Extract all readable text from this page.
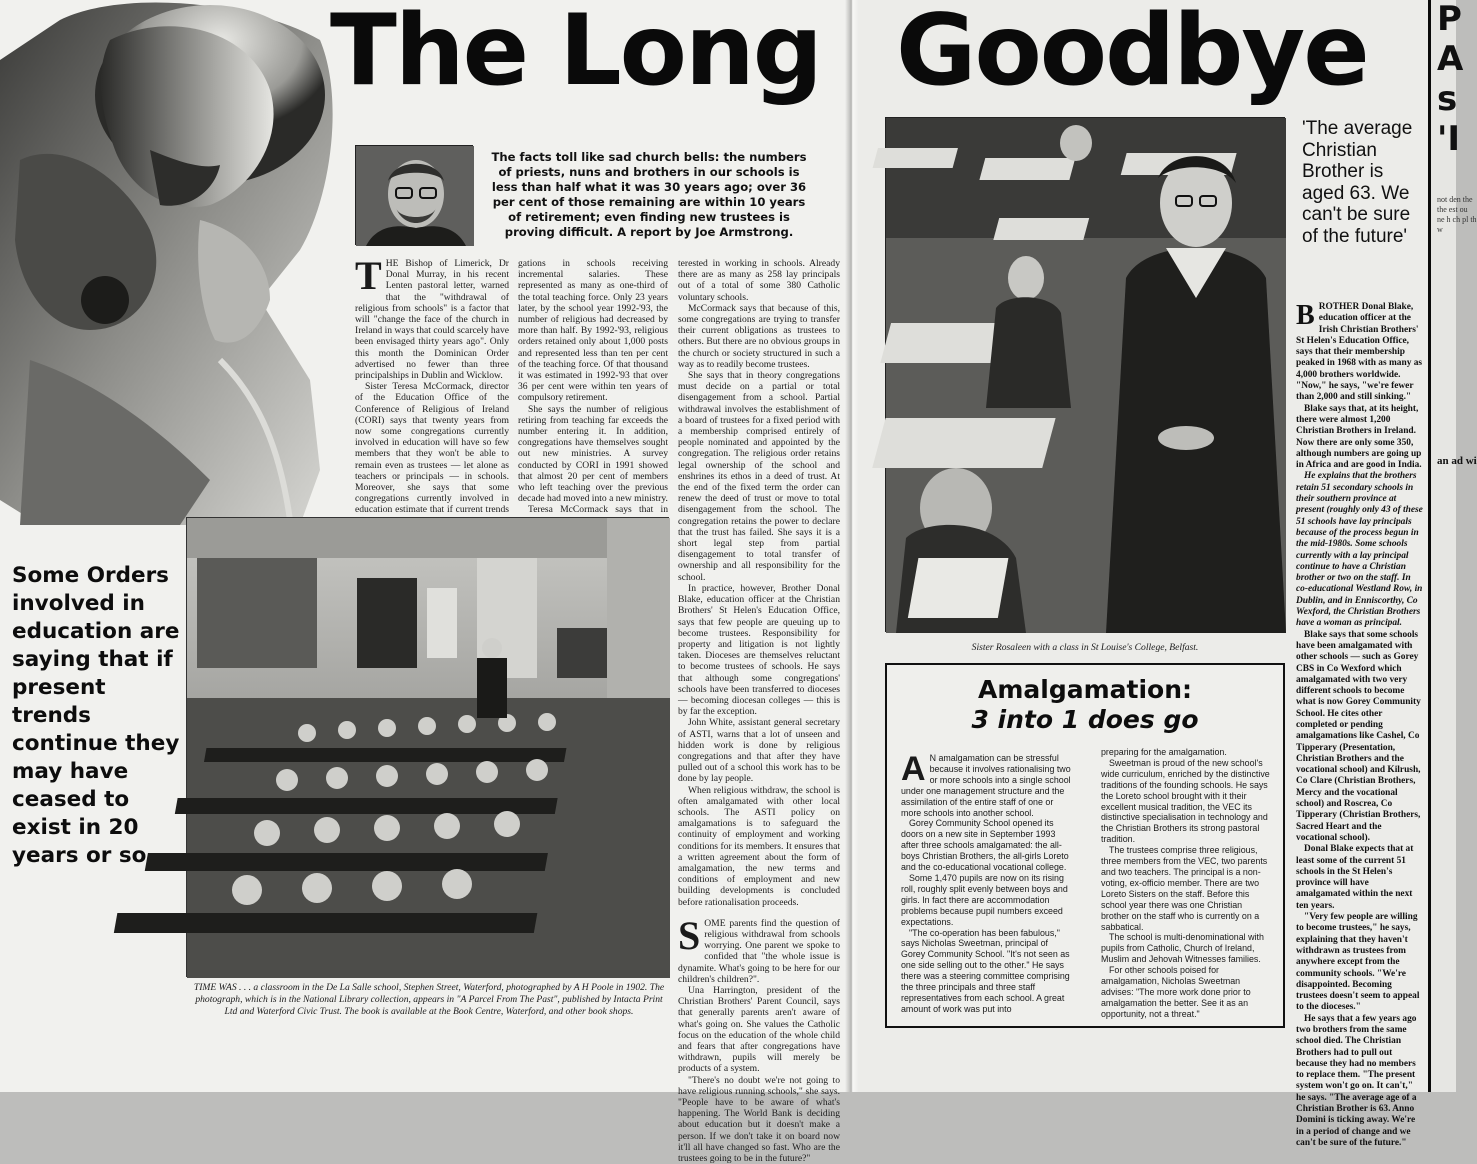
The facts toll like sad church bells: the numbers of priests, nuns and brothers in our schools is less than half what it was 30 years ago; over 36 per cent of those remaining are within 10 years of retirement; even finding new trustees is proving difficult. A report by Joe Armstrong.

THE Bishop of Limerick, Dr Donal Murray, in his recent Lenten pastoral letter, warned that the "withdrawal of religious from schools" is a factor that will "change the face of the church in Ireland in ways that could scarcely have been envisaged thirty years ago". Only this month the Dominican Order advertised no fewer than three principalships in Dublin and Wicklow.

Sister Teresa McCormack, director of the Education Office of the Conference of Religious of Ireland (CORI) says that twenty years from now some congregations currently involved in education will have so few members that they won't be able to remain even as trustees — let alone as teachers or principals — in schools. Moreover, she says that some congregations currently involved in education estimate that if current trends

gations in schools receiving incremental salaries. These represented as many as one-third of the total teaching force. Only 23 years later, by the school year 1992-'93, the number of religious had decreased by more than half. By 1992-'93, religious orders retained only about 1,000 posts and represented less than ten per cent of the teaching force. Of that thousand it was estimated in 1992-'93 that over 36 per cent were within ten years of compulsory retirement.

She says the number of religious retiring from teaching far exceeds the number entering it. In addition, congregations have themselves sought out new ministries. A survey conducted by CORI in 1991 showed that almost 20 per cent of members who left teaching over the previous decade had moved into a new ministry.

Teresa McCormack says that in

terested in working in schools. Already there are as many as 258 lay principals out of a total of some 380 Catholic voluntary schools.

McCormack says that because of this, some congregations are trying to transfer their current obligations as trustees to others. But there are no obvious groups in the church or society structured in such a way as to readily become trustees.

She says that in theory congregations must decide on a partial or total disengagement from a school. Partial withdrawal involves the establishment of a board of trustees for a fixed period with a membership comprised entirely of people nominated and appointed by the congregation. The religious order retains legal ownership of the school and enshrines its ethos in a deed of trust. At the end of the fixed term the order can renew the deed of trust or move to total disengagement from the school. The congregation retains the power to declare that the trust has failed. She says it is a short legal step from partial disengagement to total transfer of ownership and all responsibility for the school.

In practice, however, Brother Donal Blake, education officer at the Christian Brothers' St Helen's Education Office, says that few people are queuing up to become trustees. Responsibility for property and litigation is not lightly taken. Dioceses are themselves reluctant to become trustees of schools. He says that although some congregations' schools have been transferred to dioceses — becoming diocesan colleges — this is by far the exception.

John White, assistant general secretary of ASTI, warns that a lot of unseen and hidden work is done by religious congregations and that after they have pulled out of a school this work has to be done by lay people.

When religious withdraw, the school is often amalgamated with other local schools. The ASTI policy on amalgamations is to safeguard the continuity of employment and working conditions for its members. It ensures that a written agreement about the form of amalgamation, the new terms and conditions of employment and new building developments is concluded before rationalisation proceeds.

SOME parents find the question of religious withdrawal from schools worrying. One parent we spoke to confided that "the whole issue is dynamite. What's going to be here for our children's children?".

Una Harrington, president of the Christian Brothers' Parent Council, says that generally parents aren't aware of what's going on. She values the Catholic focus on the education of the whole child and fears that after congregations have withdrawn, pupils will merely be products of a system.

"There's no doubt we're not going to have religious running schools," she says. "People have to be aware of what's happening. The World Bank is deciding about education but it doesn't make a person. If we don't take it on board now it'll all have changed so fast. Who are the trustees going to be in the future?"

Some Orders involved in education are saying that if present trends continue they may have ceased to exist in 20 years or so
TIME WAS . . . a classroom in the De La Salle school, Stephen Street, Waterford, photographed by A H Poole in 1902. The photograph, which is in the National Library collection, appears in "A Parcel From The Past", published by Intacta Print Ltd and Waterford Civic Trust. The book is available at the Book Centre, Waterford, and other book shops.
The Long Goodbye
Sister Rosaleen with a class in St Louise's College, Belfast.
'The average Christian Brother is aged 63. We can't be sure of the future'

BROTHER Donal Blake, education officer at the Irish Christian Brothers' St Helen's Education Office, says that their membership peaked in 1968 with as many as 4,000 brothers worldwide. "Now," he says, "we're fewer than 2,000 and still sinking."

Blake says that, at its height, there were almost 1,200 Christian Brothers in Ireland. Now there are only some 350, although numbers are going up in Africa and are good in India.

He explains that the brothers retain 51 secondary schools in their southern province at present (roughly only 43 of these 51 schools have lay principals because of the process begun in the mid-1980s. Some schools currently with a lay principal continue to have a Christian brother or two on the staff. In co-educational Westland Row, in Dublin, and in Enniscorthy, Co Wexford, the Christian Brothers have a woman as principal.

Blake says that some schools have been amalgamated with other schools — such as Gorey CBS in Co Wexford which amalgamated with two very different schools to become what is now Gorey Community School. He cites other completed or pending amalgamations like Cashel, Co Tipperary (Presentation, Christian Brothers and the vocational school) and Kilrush, Co Clare (Christian Brothers, Mercy and the vocational school) and Roscrea, Co Tipperary (Christian Brothers, Sacred Heart and the vocational school).

Donal Blake expects that at least some of the current 51 schools in the St Helen's province will have amalgamated within the next ten years.

"Very few people are willing to become trustees," he says, explaining that they haven't withdrawn as trustees from anywhere except from the community schools. "We're disappointed. Becoming trustees doesn't seem to appeal to the dioceses."

He says that a few years ago two brothers from the same school died. The Christian Brothers had to pull out because they had no members to replace them. "The present system won't go on. It can't," he says. "The average age of a Christian Brother is 63. Anno Domini is ticking away. We're in a period of change and we can't be sure of the future."

Amalgamation:
3 into 1 does go

A N amalgamation can be stressful because it involves rationalising two or more schools into a single school under one management structure and the assimilation of the entire staff of one or more schools into another school.

Gorey Community School opened its doors on a new site in September 1993 after three schools amalgamated: the all-boys Christian Brothers, the all-girls Loreto and the co-educational vocational college.

Some 1,470 pupils are now on its rising roll, roughly split evenly between boys and girls. In fact there are accommodation problems because pupil numbers exceed expectations.

"The co-operation has been fabulous," says Nicholas Sweetman, principal of Gorey Community School. "It's not seen as one side selling out to the other." He says there was a steering committee comprising the three principals and three staff representatives from each school. A great amount of work was put into

preparing for the amalgamation.

Sweetman is proud of the new school's wide curriculum, enriched by the distinctive traditions of the founding schools. He says the Loreto school brought with it their excellent musical tradition, the VEC its distinctive specialisation in technology and the Christian Brothers its strong pastoral tradition.

The trustees comprise three religious, three members from the VEC, two parents and two teachers. The principal is a non-voting, ex-officio member. There are two Loreto Sisters on the staff. Before this school year there was one Christian brother on the staff who is currently on a sabbatical.

The school is multi-denominational with pupils from Catholic, Church of Ireland, Muslim and Jehovah Witnesses families.

For other schools poised for amalgamation, Nicholas Sweetman advises: "The more work done prior to amalgamation the better. See it as an opportunity, not a threat."

P
A
s
'I
not den the the est ou ne h ch pl th w
an ad wi
